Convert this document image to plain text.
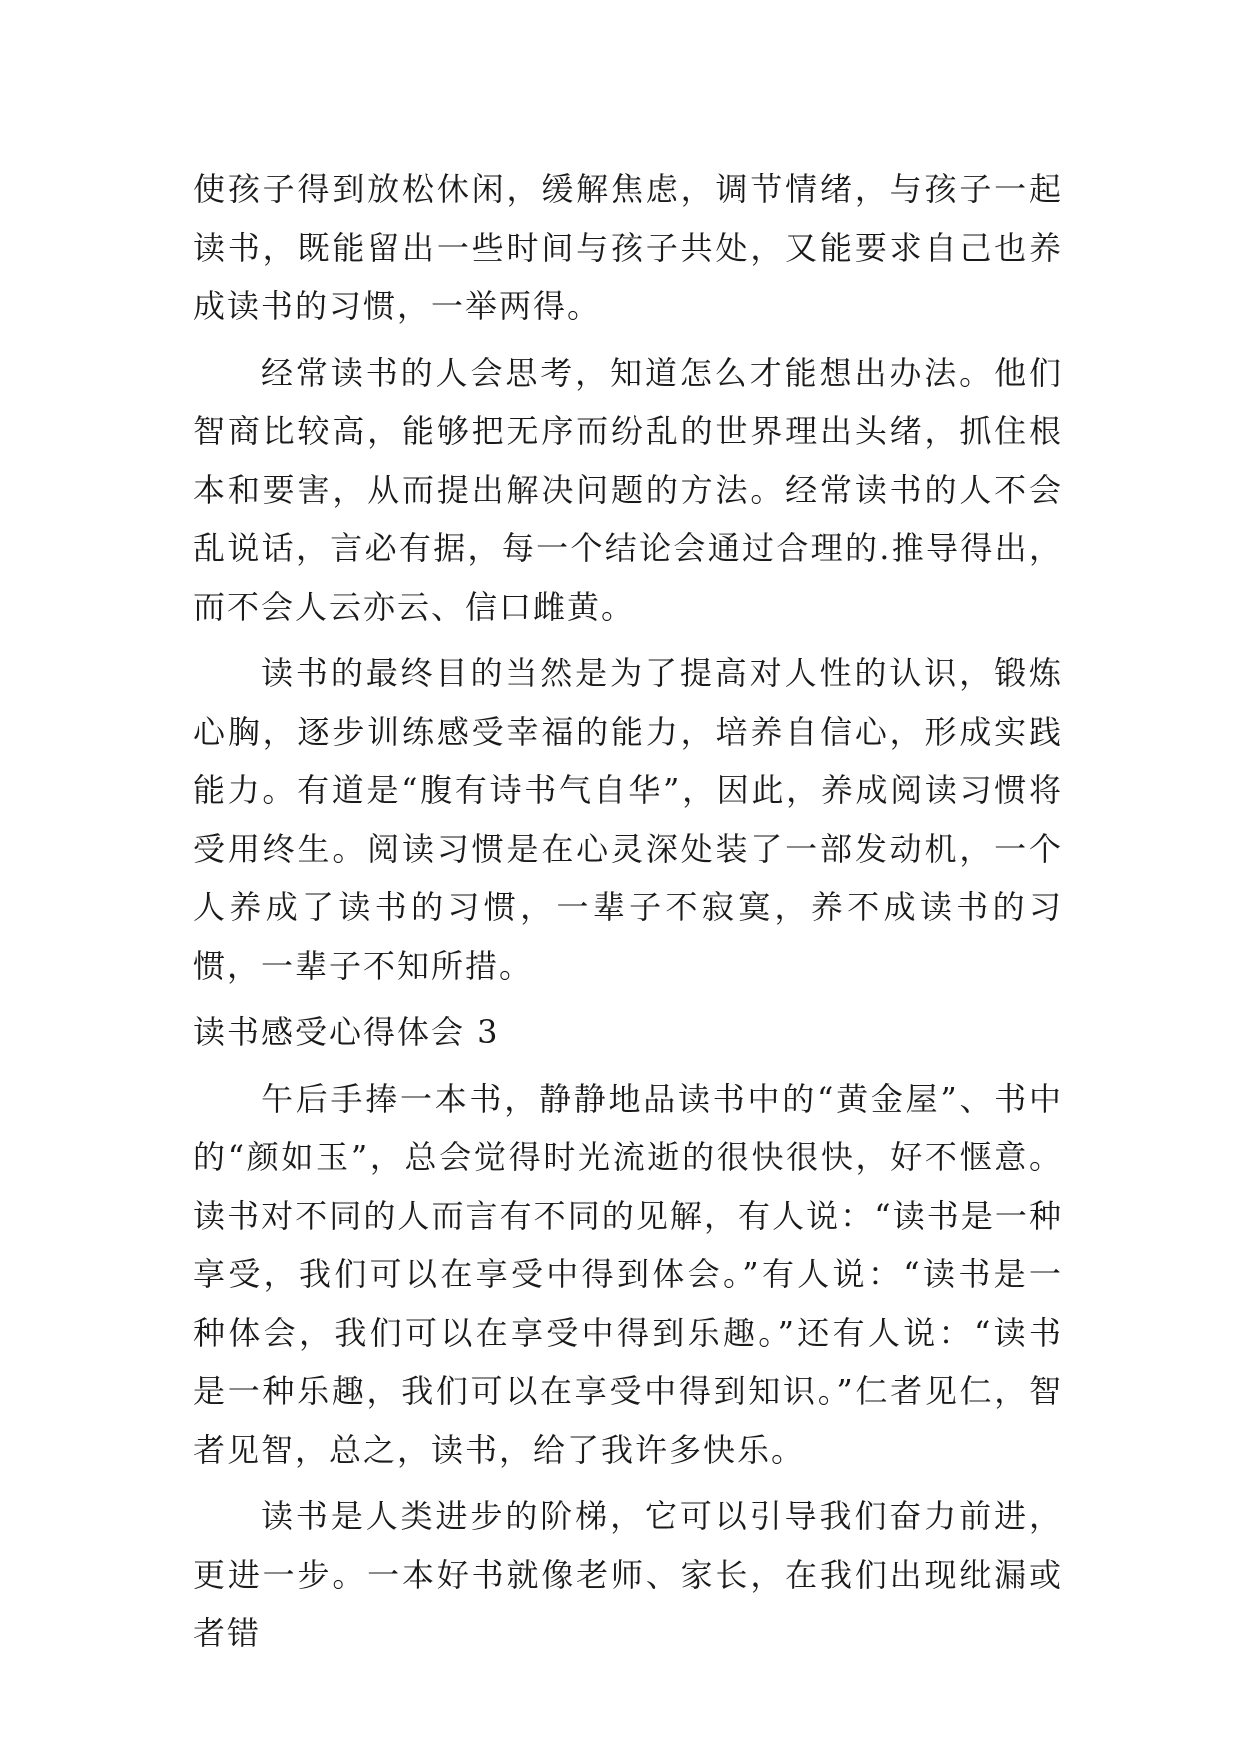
使孩子得到放松休闲，缓解焦虑，调节情绪，与孩子一起读书，既能留出一些时间与孩子共处，又能要求自己也养成读书的习惯，一举两得。

经常读书的人会思考，知道怎么才能想出办法。他们智商比较高，能够把无序而纷乱的世界理出头绪，抓住根本和要害，从而提出解决问题的方法。经常读书的人不会乱说话，言必有据，每一个结论会通过合理的.推导得出，而不会人云亦云、信口雌黄。

读书的最终目的当然是为了提高对人性的认识，锻炼心胸，逐步训练感受幸福的能力，培养自信心，形成实践能力。有道是“腹有诗书气自华”，因此，养成阅读习惯将受用终生。阅读习惯是在心灵深处装了一部发动机，一个人养成了读书的习惯，一辈子不寂寞，养不成读书的习惯，一辈子不知所措。

读书感受心得体会 3

午后手捧一本书，静静地品读书中的“黄金屋”、书中的“颜如玉”，总会觉得时光流逝的很快很快，好不惬意。读书对不同的人而言有不同的见解，有人说：“读书是一种享受，我们可以在享受中得到体会。”有人说：“读书是一种体会，我们可以在享受中得到乐趣。”还有人说：“读书是一种乐趣，我们可以在享受中得到知识。”仁者见仁，智者见智，总之，读书，给了我许多快乐。

读书是人类进步的阶梯，它可以引导我们奋力前进，更进一步。一本好书就像老师、家长，在我们出现纰漏或者错
